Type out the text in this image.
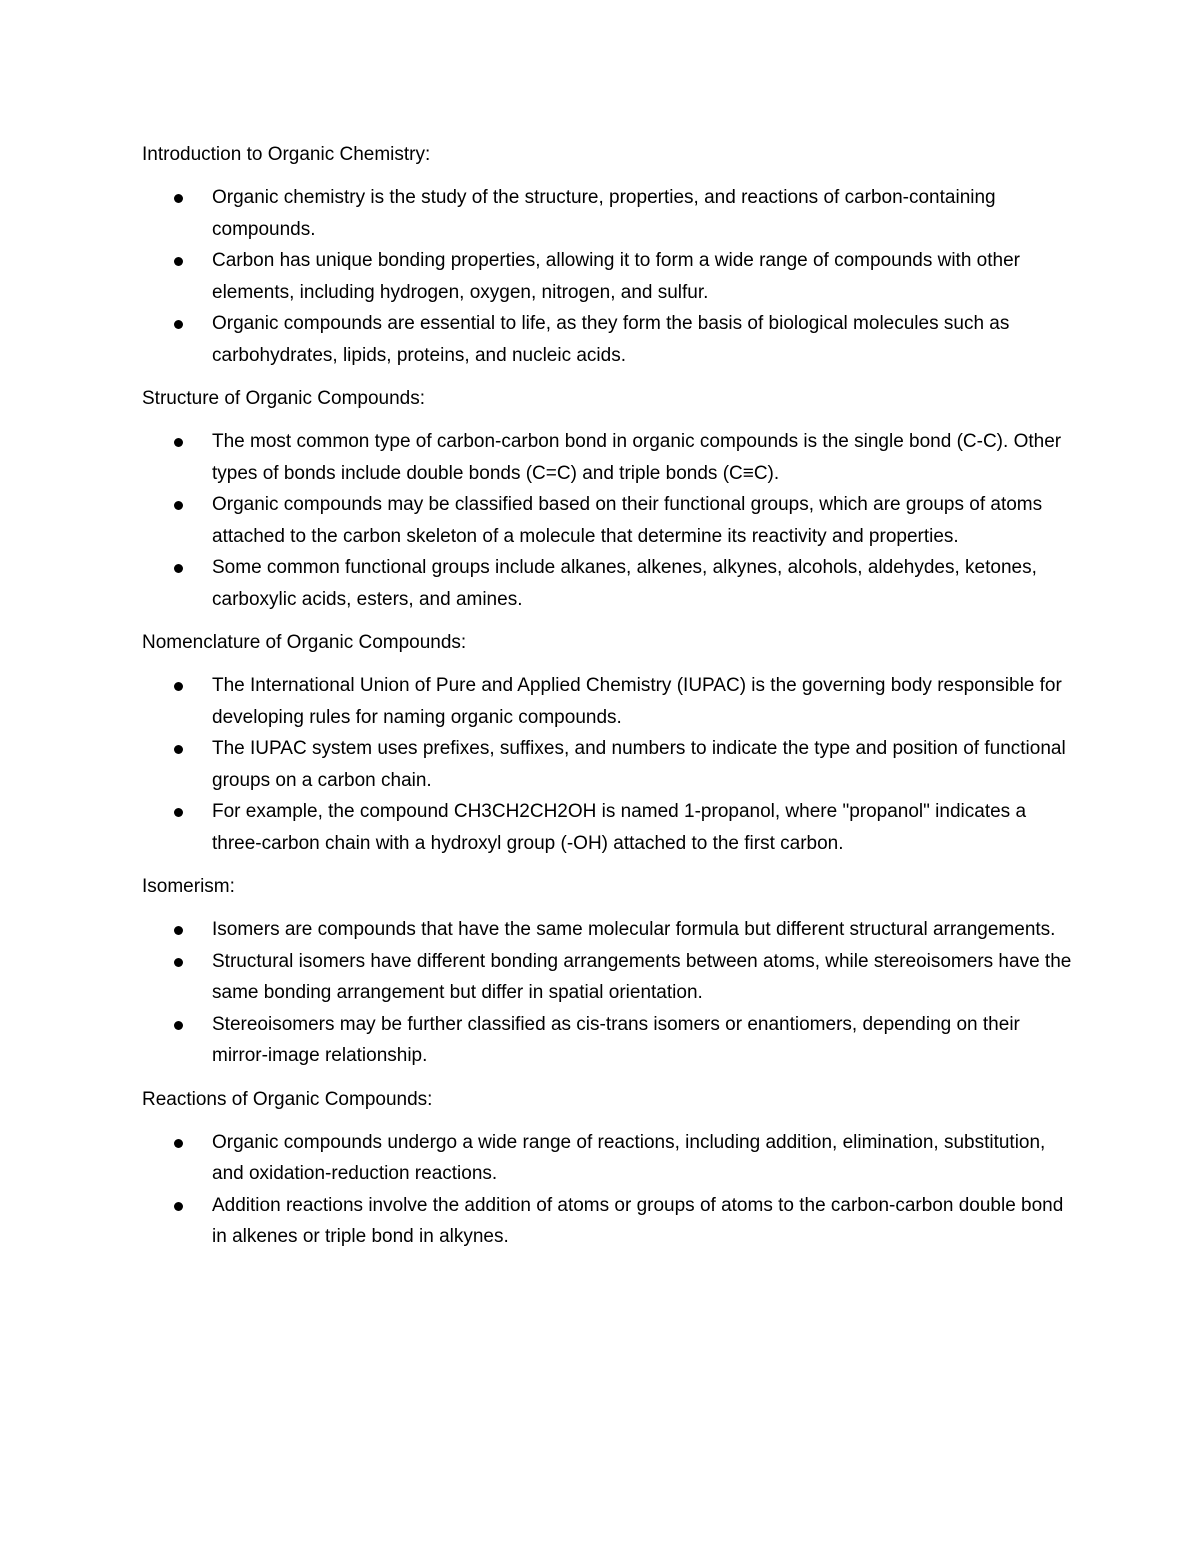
Introduction to Organic Chemistry:

Organic chemistry is the study of the structure, properties, and reactions of carbon-containing compounds.
Carbon has unique bonding properties, allowing it to form a wide range of compounds with other elements, including hydrogen, oxygen, nitrogen, and sulfur.
Organic compounds are essential to life, as they form the basis of biological molecules such as carbohydrates, lipids, proteins, and nucleic acids.

Structure of Organic Compounds:

The most common type of carbon-carbon bond in organic compounds is the single bond (C-C). Other types of bonds include double bonds (C=C) and triple bonds (C≡C).
Organic compounds may be classified based on their functional groups, which are groups of atoms attached to the carbon skeleton of a molecule that determine its reactivity and properties.
Some common functional groups include alkanes, alkenes, alkynes, alcohols, aldehydes, ketones, carboxylic acids, esters, and amines.

Nomenclature of Organic Compounds:

The International Union of Pure and Applied Chemistry (IUPAC) is the governing body responsible for developing rules for naming organic compounds.
The IUPAC system uses prefixes, suffixes, and numbers to indicate the type and position of functional groups on a carbon chain.
For example, the compound CH3CH2CH2OH is named 1-propanol, where "propanol" indicates a three-carbon chain with a hydroxyl group (-OH) attached to the first carbon.

Isomerism:

Isomers are compounds that have the same molecular formula but different structural arrangements.
Structural isomers have different bonding arrangements between atoms, while stereoisomers have the same bonding arrangement but differ in spatial orientation.
Stereoisomers may be further classified as cis-trans isomers or enantiomers, depending on their mirror-image relationship.

Reactions of Organic Compounds:

Organic compounds undergo a wide range of reactions, including addition, elimination, substitution, and oxidation-reduction reactions.
Addition reactions involve the addition of atoms or groups of atoms to the carbon-carbon double bond in alkenes or triple bond in alkynes.
